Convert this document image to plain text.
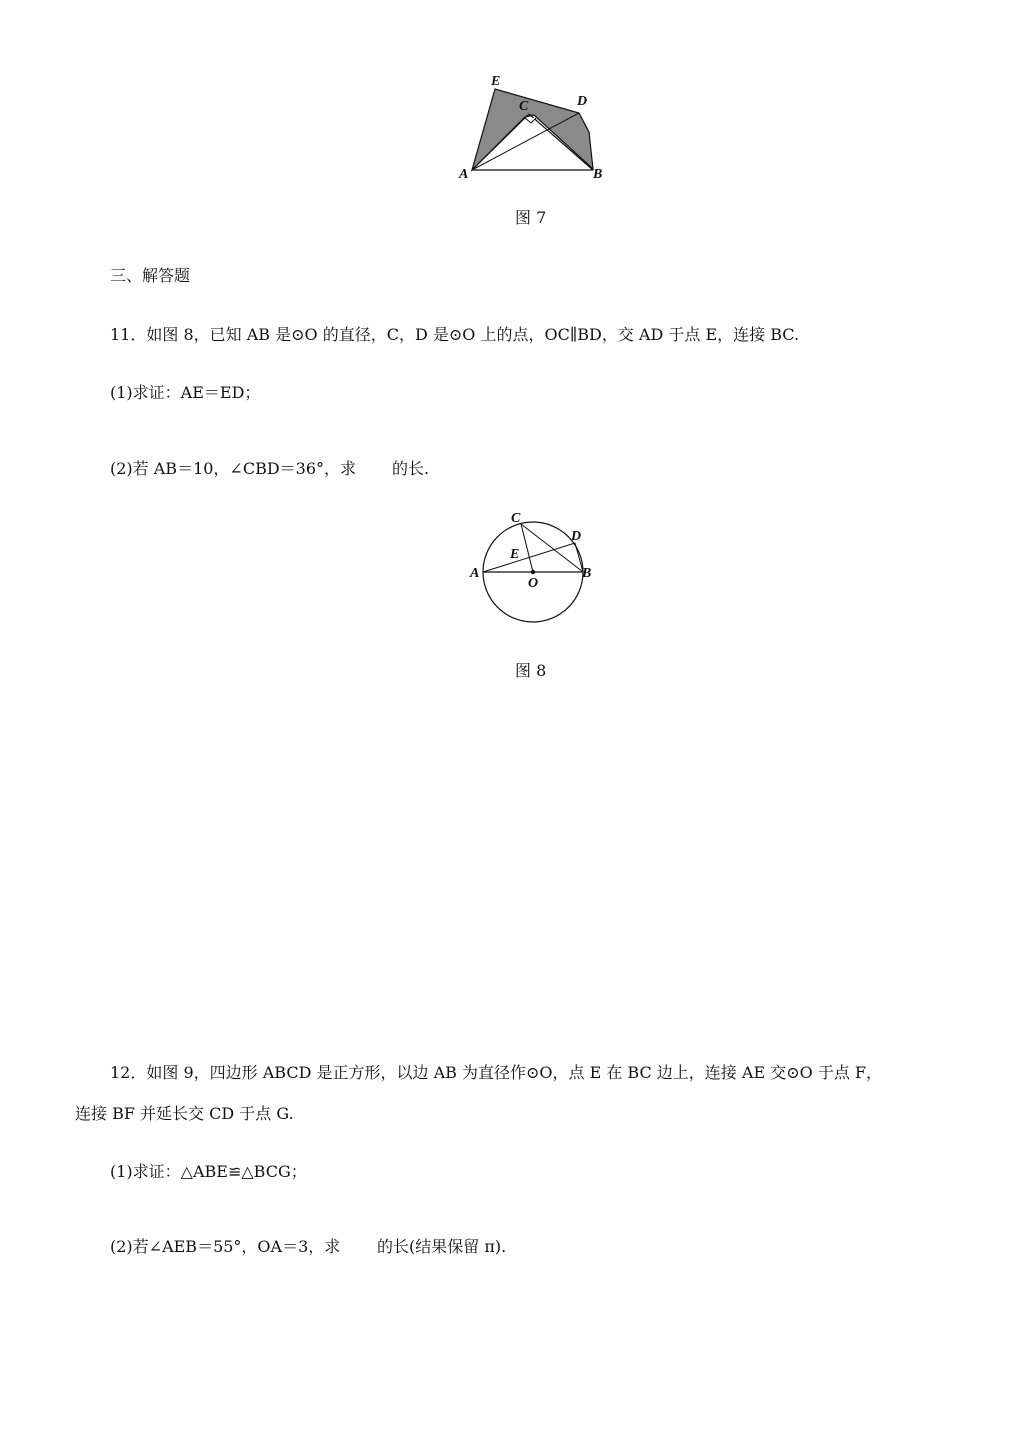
E
C	D
A	B
图 7
三、解答题
11．如图 8，已知 AB 是⊙O 的直径，C，D 是⊙O 上的点，OC∥BD，交 AD 于点 E，连接 BC.
(1)求证：AE＝ED；
(2)若 AB＝10，∠CBD＝36°，求 的长.
C
D
E
A
O
B
图 8
12．如图 9，四边形 ABCD 是正方形，以边 AB 为直径作⊙O，点 E 在 BC 边上，连接 AE 交⊙O 于点 F，
连接 BF 并延长交 CD 于点 G.
(1)求证：△ABE≌△BCG；
(2)若∠AEB＝55°，OA＝3，求 的长(结果保留 π).
